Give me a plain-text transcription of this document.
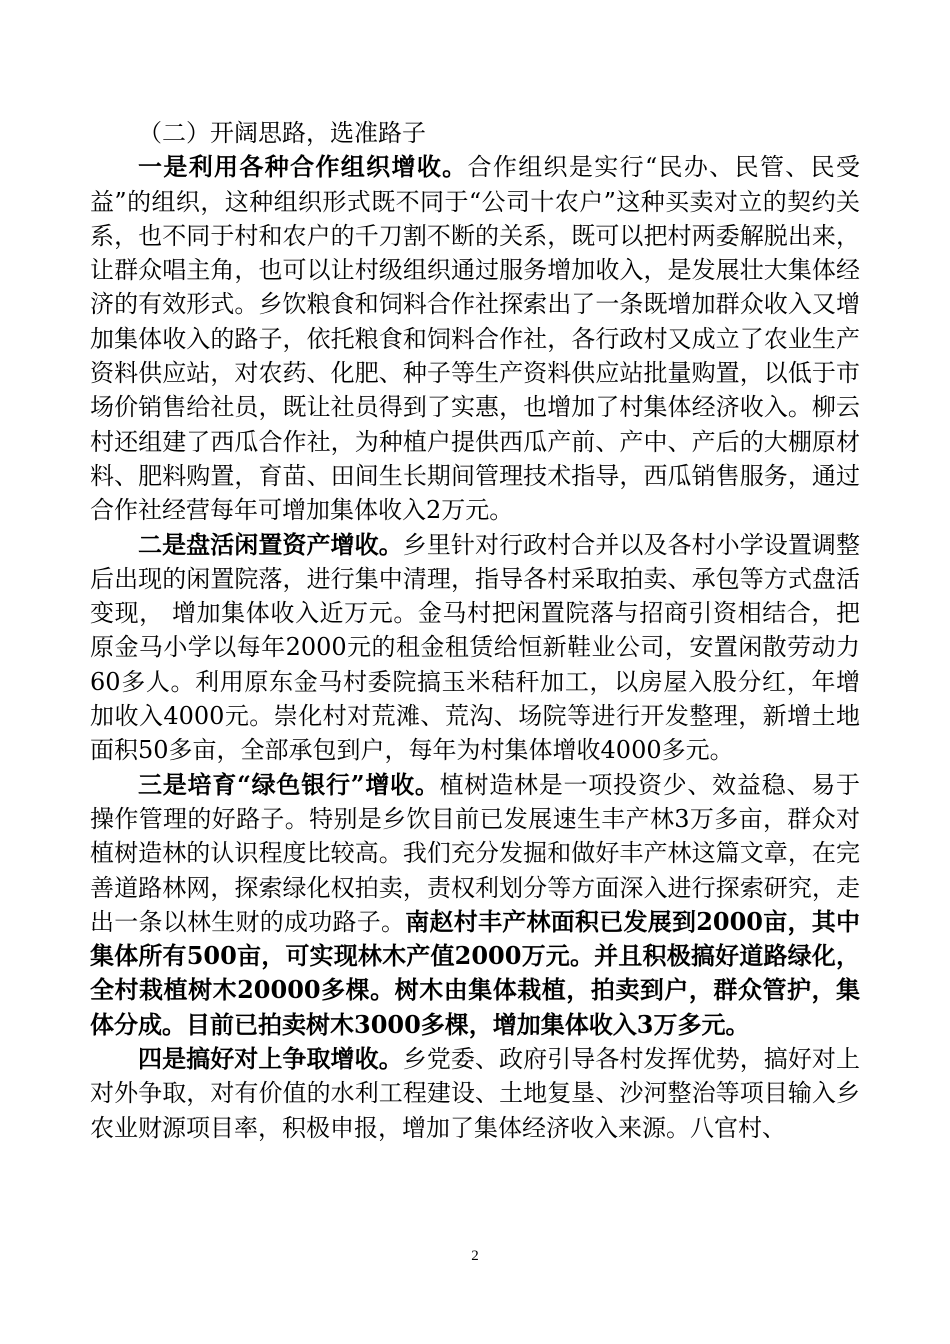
（二）开阔思路，选准路子

一是利用各种合作组织增收。合作组织是实行“民办、民管、民受益”的组织，这种组织形式既不同于“公司十农户”这种买卖对立的契约关系，也不同于村和农户的千刀割不断的关系，既可以把村两委解脱出来，让群众唱主角，也可以让村级组织通过服务增加收入，是发展壮大集体经济的有效形式。乡饮粮食和饲料合作社探索出了一条既增加群众收入又增加集体收入的路子，依托粮食和饲料合作社，各行政村又成立了农业生产资料供应站，对农药、化肥、种子等生产资料供应站批量购置，以低于市场价销售给社员，既让社员得到了实惠，也增加了村集体经济收入。柳云村还组建了西瓜合作社，为种植户提供西瓜产前、产中、产后的大棚原材料、肥料购置，育苗、田间生长期间管理技术指导，西瓜销售服务，通过合作社经营每年可增加集体收入2万元。

二是盘活闲置资产增收。乡里针对行政村合并以及各村小学设置调整后出现的闲置院落，进行集中清理，指导各村采取拍卖、承包等方式盘活变现， 增加集体收入近万元。金马村把闲置院落与招商引资相结合，把原金马小学以每年2000元的租金租赁给恒新鞋业公司，安置闲散劳动力60多人。利用原东金马村委院搞玉米秸秆加工，以房屋入股分红，年增加收入4000元。崇化村对荒滩、荒沟、场院等进行开发整理，新增土地面积50多亩，全部承包到户，每年为村集体增收4000多元。

三是培育“绿色银行”增收。植树造林是一项投资少、效益稳、易于操作管理的好路子。特别是乡饮目前已发展速生丰产林3万多亩，群众对植树造林的认识程度比较高。我们充分发掘和做好丰产林这篇文章，在完善道路林网，探索绿化权拍卖，责权利划分等方面深入进行探索研究，走出一条以林生财的成功路子。南赵村丰产林面积已发展到2000亩，其中集体所有500亩，可实现林木产值2000万元。并且积极搞好道路绿化，全村栽植树木20000多棵。树木由集体栽植，拍卖到户，群众管护，集体分成。目前已拍卖树木3000多棵，增加集体收入3万多元。

四是搞好对上争取增收。乡党委、政府引导各村发挥优势，搞好对上对外争取，对有价值的水利工程建设、土地复垦、沙河整治等项目输入乡农业财源项目率，积极申报，增加了集体经济收入来源。八官村、

2
